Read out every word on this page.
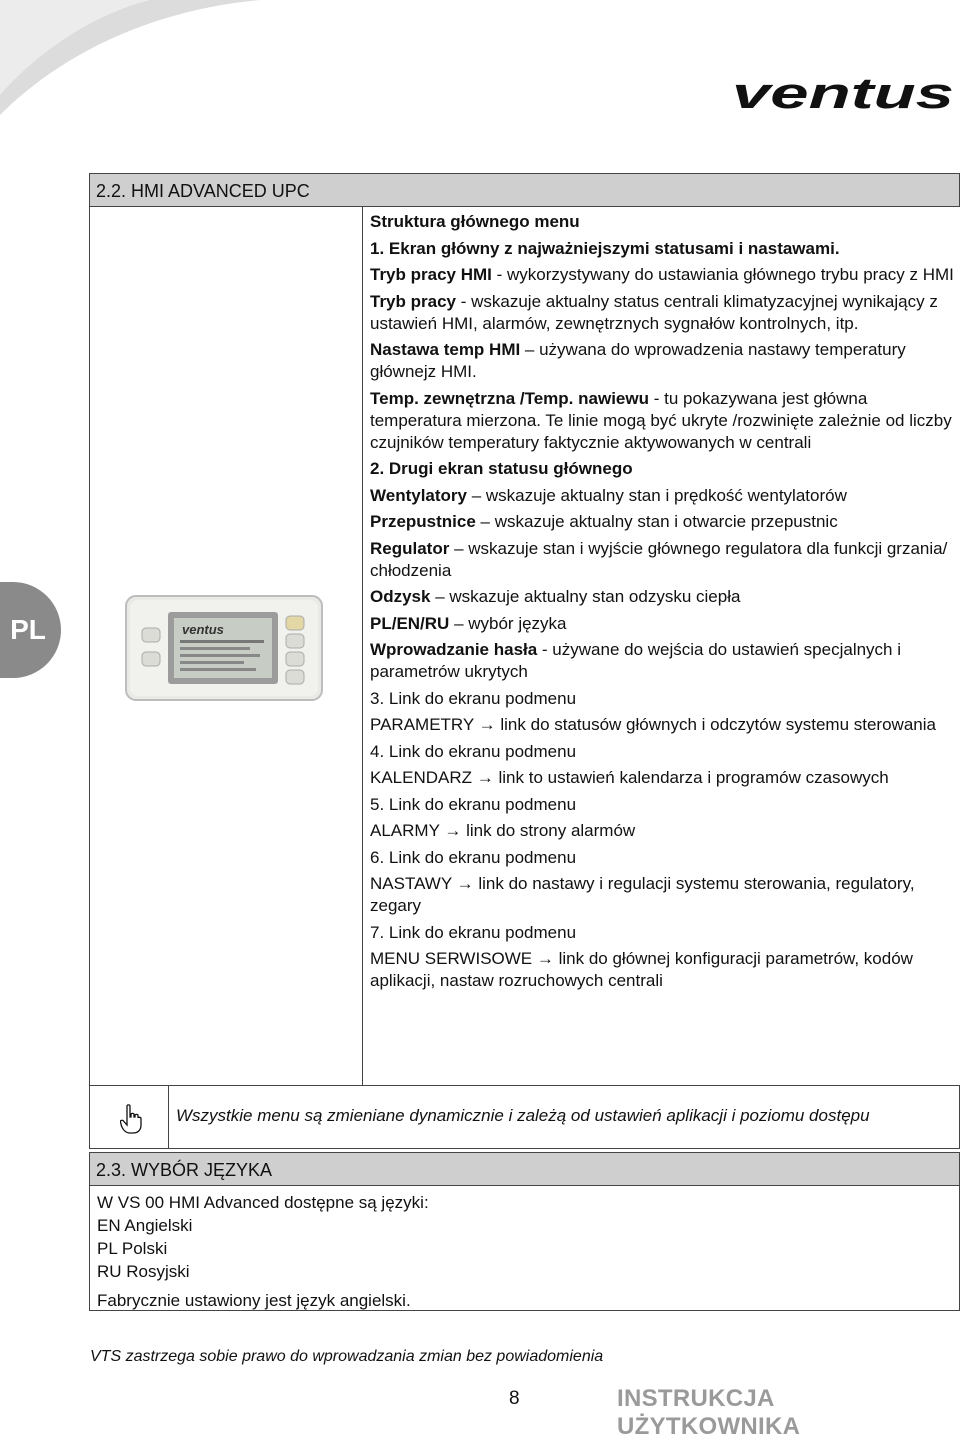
ventus
PL
2.2. HMI ADVANCED UPC
ventus

Struktura głównego menu

1. Ekran główny z najważniejszymi statusami i nastawami.

Tryb pracy HMI - wykorzystywany do ustawiania głównego trybu pracy z HMI

Tryb pracy - wskazuje aktualny status centrali klimatyzacyjnej wynikający z ustawień HMI, alarmów, zewnętrznych sygnałów kontrolnych, itp.

Nastawa temp HMI – używana do wprowadzenia nastawy temperatury głównejz HMI.

Temp. zewnętrzna /Temp. nawiewu - tu pokazywana jest główna temperatura mierzona. Te linie mogą być ukryte /rozwinięte zależnie od liczby czujników temperatury faktycznie aktywowanych w centrali

2. Drugi ekran statusu głównego

Wentylatory – wskazuje aktualny stan i prędkość wentylatorów

Przepustnice – wskazuje aktualny stan i otwarcie przepustnic

Regulator – wskazuje stan i wyjście głównego regulatora dla funkcji grzania/ chłodzenia

Odzysk – wskazuje aktualny stan odzysku ciepła

PL/EN/RU – wybór języka

Wprowadzanie hasła - używane do wejścia do ustawień specjalnych i parametrów ukrytych

3. Link do ekranu podmenu

PARAMETRY → link do statusów głównych i odczytów systemu sterowania

4. Link do ekranu podmenu

KALENDARZ → link to ustawień kalendarza i programów czasowych

5. Link do ekranu podmenu

ALARMY → link do strony alarmów

6. Link do ekranu podmenu

NASTAWY → link do nastawy i regulacji systemu sterowania, regulatory, zegary

7. Link do ekranu podmenu

MENU SERWISOWE → link do głównej konfiguracji parametrów, kodów aplikacji, nastaw rozruchowych centrali

Wszystkie menu są zmieniane dynamicznie i zależą od ustawień aplikacji i poziomu dostępu
2.3. WYBÓR JĘZYKA
W VS 00 HMI Advanced dostępne są języki:
EN Angielski
PL Polski
RU Rosyjski
Fabrycznie ustawiony jest język angielski.
VTS zastrzega sobie prawo do wprowadzania zmian bez powiadomienia
8	INSTRUKCJA UŻYTKOWNIKA
